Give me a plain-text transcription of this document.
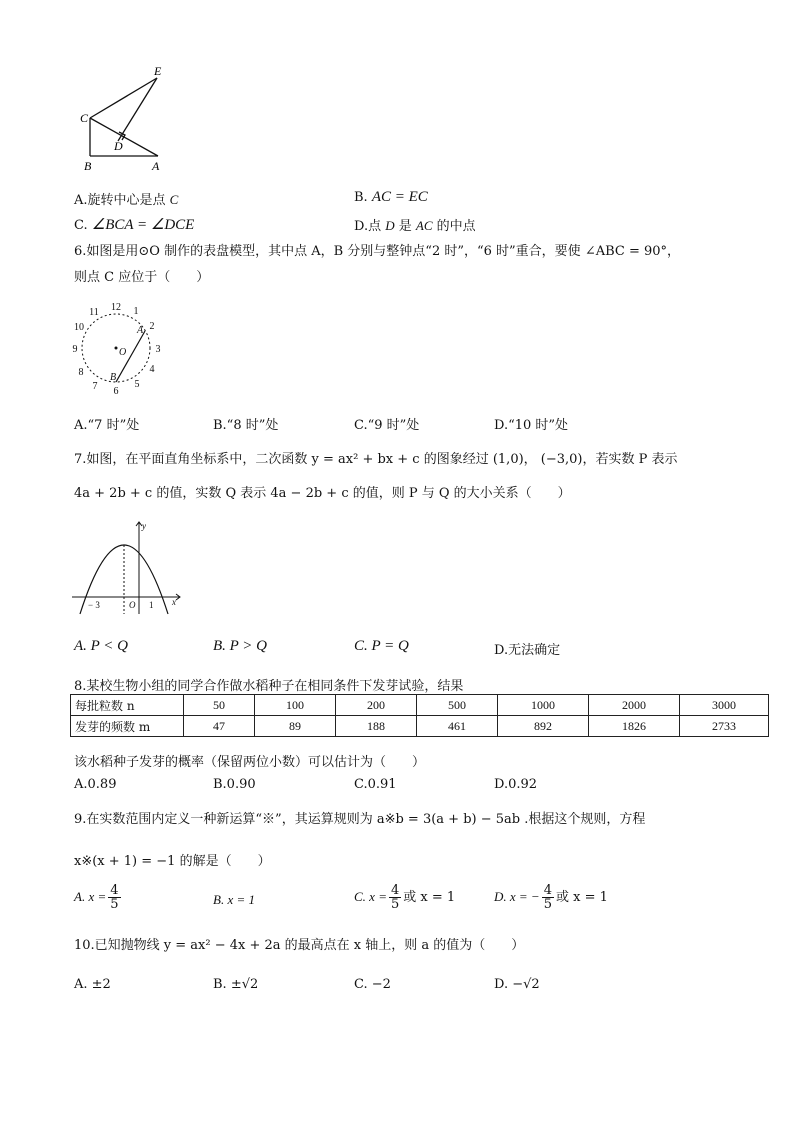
E
C
D
B	A
A.旋转中心是点 C	B. AC = EC
C. ∠BCA = ∠DCE	D.点 D 是 AC 的中点
6.如图是用⊙O 制作的表盘模型，其中点 A，B 分别与整钟点“2 时”，“6 时”重合，要使 ∠ABC = 90°，
则点 C 应位于（　　）
12 1
2
3
4
5
6
7
8
9
10
11
A
O
B
A.“7 时”处	B.“8 时”处	C.“9 时”处	D.“10 时”处
7.如图，在平面直角坐标系中，二次函数 y = ax² + bx + c 的图象经过 (1,0)， (−3,0)，若实数 P 表示
4a + 2b + c 的值，实数 Q 表示 4a − 2b + c 的值，则 P 与 Q 的大小关系（　　）
y
x
− 3	O 1
A. P < Q	B. P > Q	C. P = Q	D.无法确定
8.某校生物小组的同学合作做水稻种子在相同条件下发芽试验，结果
每批粒数 n	50	100	200	500	1000	2000	3000
发芽的频数 m	47	89	188	461	892	1826	2733
该水稻种子发芽的概率（保留两位小数）可以估计为（　　）
A.0.89	B.0.90	C.0.91	D.0.92
9.在实数范围内定义一种新运算“※”，其运算规则为 a※b = 3(a + b) − 5ab .根据这个规则，方程
x※(x + 1) = −1 的解是（　　）
A. $x = \frac{4}{5}$	B. x = 1	C. $x = \frac{4}{5}$ 或 x = 1	D. x = − $\frac{4}{5}$ 或 x = 1
10.已知抛物线 y = ax² − 4x + 2a 的最高点在 x 轴上，则 a 的值为（　　）
A. ±2	B. ±√2	C. −2	D. −√2
